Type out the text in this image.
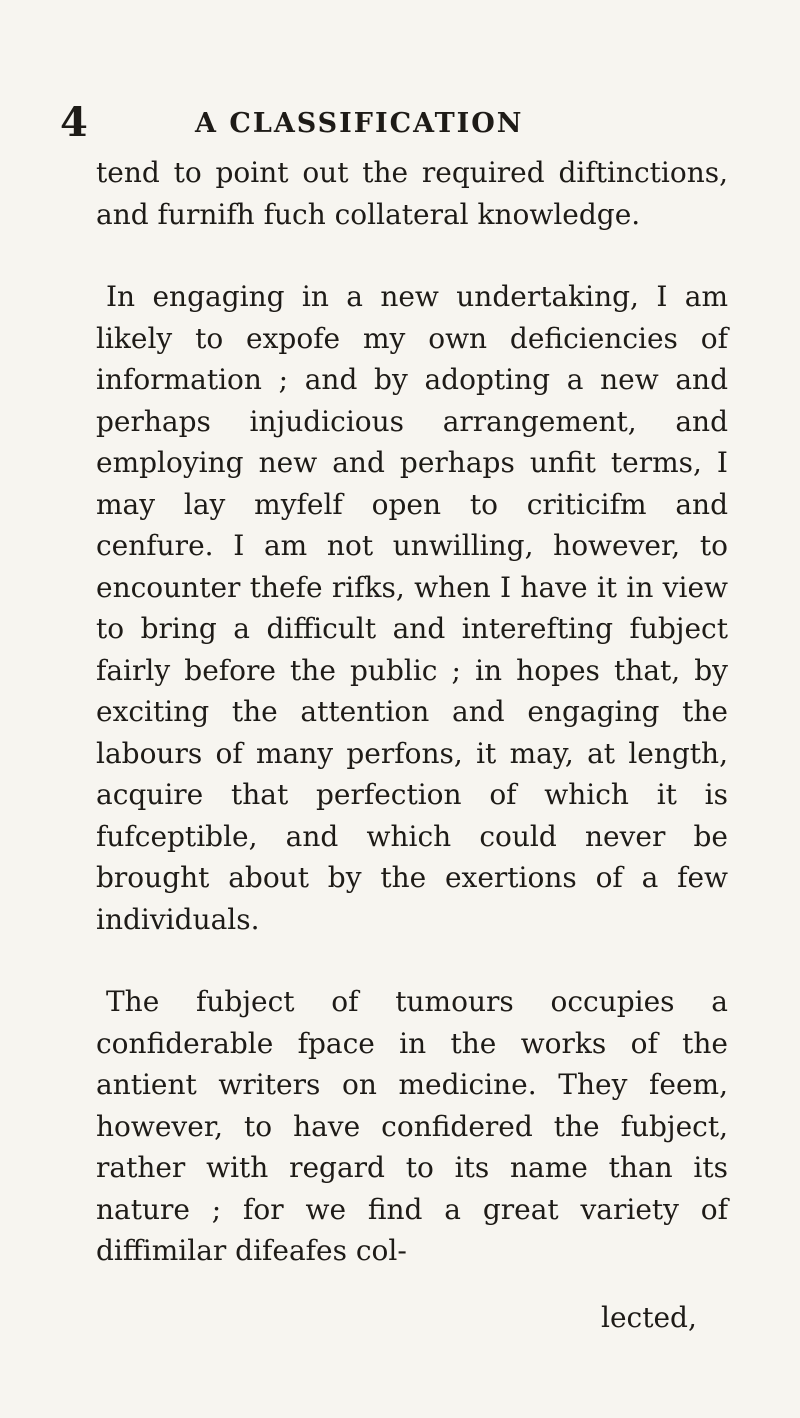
4	A CLASSIFICATION

tend to point out the required diftinctions, and furnifh fuch collateral knowledge.

In engaging in a new undertaking, I am likely to expofe my own deficiencies of information ; and by adopting a new and perhaps injudicious arrangement, and employing new and perhaps unfit terms, I may lay myfelf open to criticifm and cenfure. I am not unwilling, however, to encounter thefe rifks, when I have it in view to bring a difficult and interefting fubject fairly before the public ; in hopes that, by exciting the attention and engaging the labours of many perfons, it may, at length, acquire that perfection of which it is fufceptible, and which could never be brought about by the exertions of a few individuals.

The fubject of tumours occupies a confiderable fpace in the works of the antient writers on medicine. They feem, however, to have confidered the fubject, rather with regard to its name than its nature ; for we find a great variety of diffimilar difeafes col-

lected,
